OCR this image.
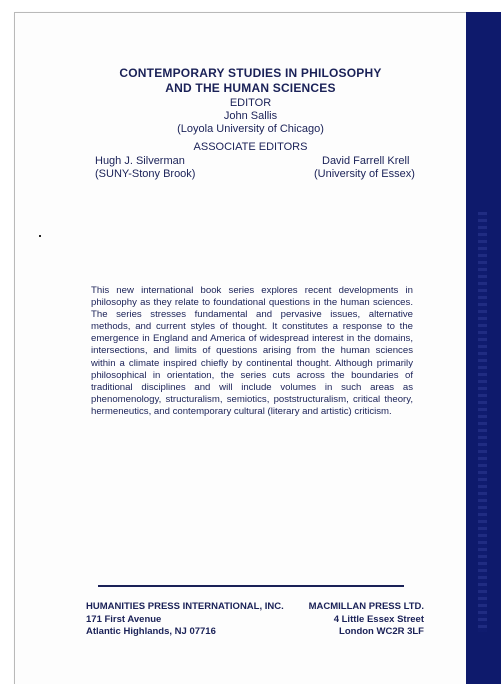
CONTEMPORARY STUDIES IN PHILOSOPHY
AND THE HUMAN SCIENCES
EDITOR
John Sallis
(Loyola University of Chicago)
ASSOCIATE EDITORS
Hugh J. Silverman
(SUNY-Stony Brook)
David Farrell Krell
(University of Essex)
This new international book series explores recent developments in philosophy as they relate to foundational questions in the human sciences. The series stresses fundamental and pervasive issues, alternative methods, and current styles of thought. It constitutes a response to the emergence in England and America of widespread interest in the domains, intersections, and limits of questions arising from the human sciences within a climate inspired chiefly by continental thought. Although primarily philosophical in orientation, the series cuts across the boundaries of traditional disciplines and will include volumes in such areas as phenomenology, structuralism, semiotics, poststructuralism, critical theory, hermeneutics, and contemporary cultural (literary and artistic) criticism.
HUMANITIES PRESS INTERNATIONAL, INC.
171 First Avenue
Atlantic Highlands, NJ 07716
MACMILLAN PRESS LTD.
4 Little Essex Street
London WC2R 3LF
